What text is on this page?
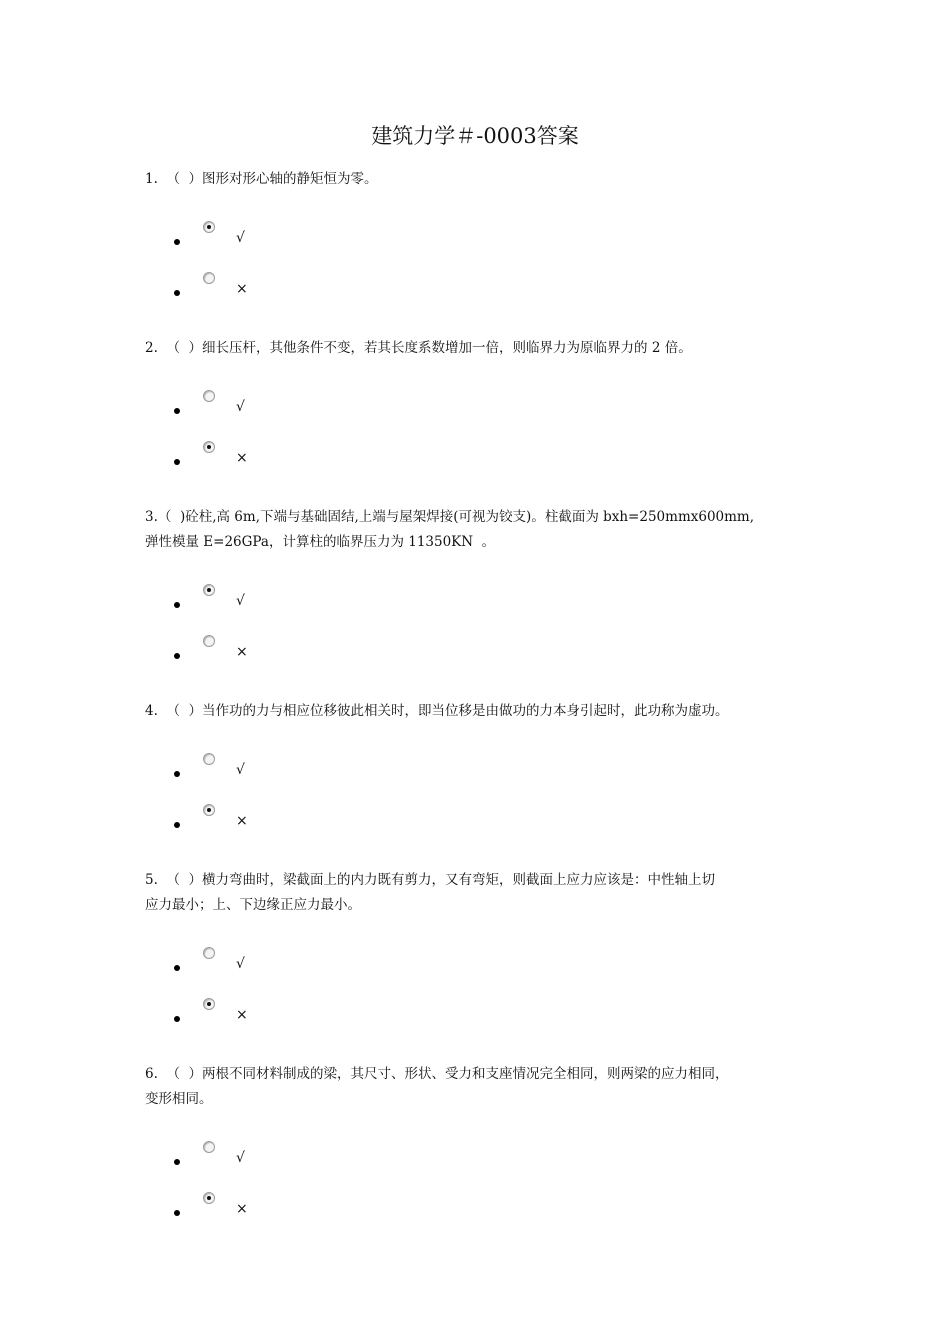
建筑力学＃-0003答案

1.  （  ）图形对形心轴的静矩恒为零。

√
×

2.  （  ）细长压杆，其他条件不变，若其长度系数增加一倍，则临界力为原临界力的 2 倍。

√
×

3.（  )砼柱,高 6m,下端与基础固结,上端与屋架焊接(可视为铰支)。柱截面为 bxh=250mmx600mm,
弹性模量 E=26GPa，计算柱的临界压力为 11350KN  。

√
×

4.  （  ）当作功的力与相应位移彼此相关时，即当位移是由做功的力本身引起时，此功称为虚功。

√
×

5.  （  ）横力弯曲时，梁截面上的内力既有剪力，又有弯矩，则截面上应力应该是：中性轴上切
应力最小；上、下边缘正应力最小。

√
×

6.  （  ）两根不同材料制成的梁，其尺寸、形状、受力和支座情况完全相同，则两梁的应力相同，
变形相同。

√
×
